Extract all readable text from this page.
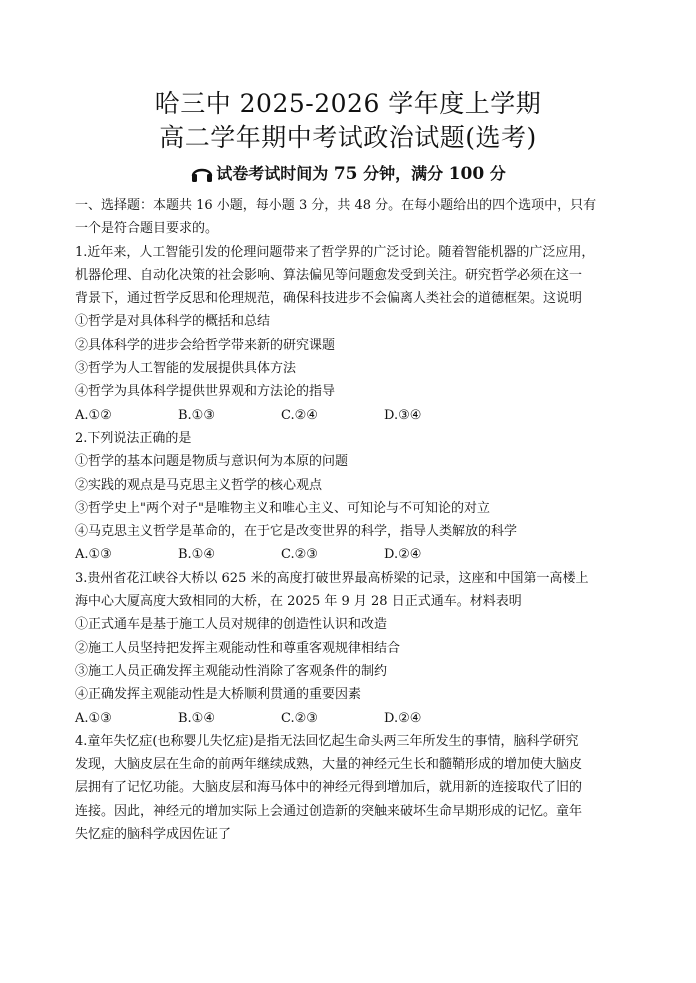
哈三中 2025-2026 学年度上学期
高二学年期中考试政治试题(选考)
试卷考试时间为 75 分钟，满分 100 分

一、选择题：本题共 16 小题，每小题 3 分，共 48 分。在每小题给出的四个选项中，只有

一个是符合题目要求的。

1.近年来，人工智能引发的伦理问题带来了哲学界的广泛讨论。随着智能机器的广泛应用，

机器伦理、自动化决策的社会影响、算法偏见等问题愈发受到关注。研究哲学必须在这一

背景下，通过哲学反思和伦理规范，确保科技进步不会偏离人类社会的道德框架。这说明

①哲学是对具体科学的概括和总结

②具体科学的进步会给哲学带来新的研究课题

③哲学为人工智能的发展提供具体方法

④哲学为具体科学提供世界观和方法论的指导

A.①②	B.①③	C.②④	D.③④

2.下列说法正确的是

①哲学的基本问题是物质与意识何为本原的问题

②实践的观点是马克思主义哲学的核心观点

③哲学史上"两个对子"是唯物主义和唯心主义、可知论与不可知论的对立

④马克思主义哲学是革命的，在于它是改变世界的科学，指导人类解放的科学

A.①③	B.①④	C.②③	D.②④

3.贵州省花江峡谷大桥以 625 米的高度打破世界最高桥梁的记录，这座和中国第一高楼上

海中心大厦高度大致相同的大桥，在 2025 年 9 月 28 日正式通车。材料表明

①正式通车是基于施工人员对规律的创造性认识和改造

②施工人员坚持把发挥主观能动性和尊重客观规律相结合

③施工人员正确发挥主观能动性消除了客观条件的制约

④正确发挥主观能动性是大桥顺利贯通的重要因素

A.①③	B.①④	C.②③	D.②④

4.童年失忆症(也称婴儿失忆症)是指无法回忆起生命头两三年所发生的事情，脑科学研究

发现，大脑皮层在生命的前两年继续成熟，大量的神经元生长和髓鞘形成的增加使大脑皮

层拥有了记忆功能。大脑皮层和海马体中的神经元得到增加后，就用新的连接取代了旧的

连接。因此，神经元的增加实际上会通过创造新的突触来破坏生命早期形成的记忆。童年

失忆症的脑科学成因佐证了
